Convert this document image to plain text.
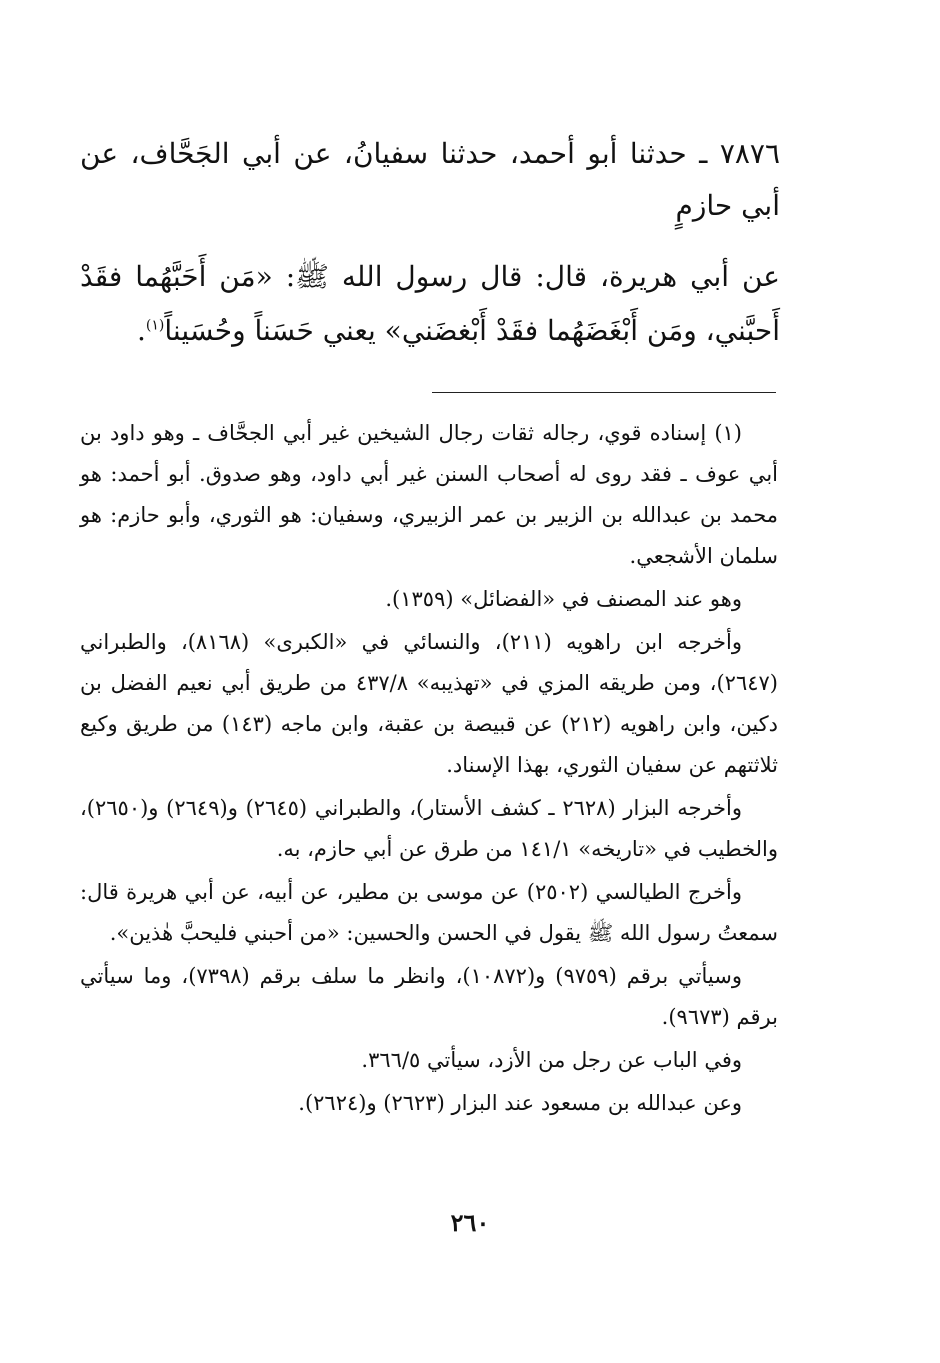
٧٨٧٦ ـ حدثنا أبو أحمد، حدثنا سفيانُ، عن أبي الجَحَّاف، عن أبي حازمٍ

عن أبي هريرة، قال: قال رسول الله ﷺ: «مَن أَحَبَّهُما فقَدْ أَحبَّني، ومَن أَبْغَضَهُما فقَدْ أَبْغضَني» يعني حَسَناً وحُسَيناً$^{(١)}$.

(١) إسناده قوي، رجاله ثقات رجال الشيخين غير أبي الجحَّاف ـ وهو داود بن أبي عوف ـ فقد روى له أصحاب السنن غير أبي داود، وهو صدوق. أبو أحمد: هو محمد بن عبدالله بن الزبير بن عمر الزبيري، وسفيان: هو الثوري، وأبو حازم: هو سلمان الأشجعي.

وهو عند المصنف في «الفضائل» (١٣٥٩).

وأخرجه ابن راهويه (٢١١)، والنسائي في «الكبرى» (٨١٦٨)، والطبراني (٢٦٤٧)، ومن طريقه المزي في «تهذيبه» ٤٣٧/٨ من طريق أبي نعيم الفضل بن دكين، وابن راهويه (٢١٢) عن قبيصة بن عقبة، وابن ماجه (١٤٣) من طريق وكيع ثلاثتهم عن سفيان الثوري، بهذا الإسناد.

وأخرجه البزار (٢٦٢٨ ـ كشف الأستار)، والطبراني (٢٦٤٥) و(٢٦٤٩) و(٢٦٥٠)، والخطيب في «تاريخه» ١٤١/١ من طرق عن أبي حازم، به.

وأخرج الطيالسي (٢٥٠٢) عن موسى بن مطير، عن أبيه، عن أبي هريرة قال: سمعتُ رسول الله ﷺ يقول في الحسن والحسين: «من أحبني فليحبَّ هٰذين».

وسيأتي برقم (٩٧٥٩) و(١٠٨٧٢)، وانظر ما سلف برقم (٧٣٩٨)، وما سيأتي برقم (٩٦٧٣).

وفي الباب عن رجل من الأزد، سيأتي ٣٦٦/٥.

وعن عبدالله بن مسعود عند البزار (٢٦٢٣) و(٢٦٢٤).

٢٦٠
